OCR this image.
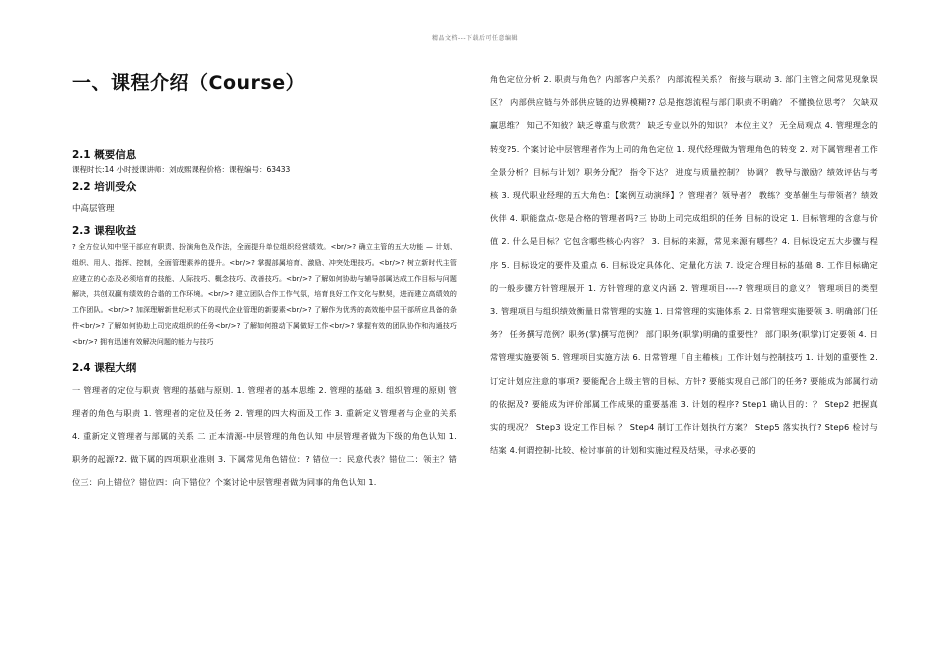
精品文档---下载后可任意编辑
一、课程介绍（Course）
2.1 概要信息

课程时长:14 小时授课讲师：刘成熙课程价格：课程编号：63433

2.2 培训受众

中高层管理

2.3 课程收益

? 全方位认知中坚干部应有职责、扮演角色及作法，全面提升单位组织经营绩效。<br/>? 确立主管的五大功能 — 计划、组织、用人、指挥、控制，全面管理素养的提升。<br/>? 掌握部属培育、激励、冲突处理技巧。<br/>? 树立新时代主管应建立的心态及必须培育的技能、人际技巧、概念技巧、改善技巧。<br/>? 了解如何协助与辅导部属达成工作目标与问题解决，共创双赢有绩效的合谐的工作环境。<br/>? 建立团队合作工作气氛，培育良好工作文化与默契，进而建立高绩效的工作团队。<br/>? 加深理解新世纪形式下的现代企业管理的新要素<br/>? 了解作为优秀的高效能中层干部所应具备的条件<br/>? 了解如何协助上司完成组织的任务<br/>? 了解如何推动下属做好工作<br/>? 掌握有效的团队协作和沟通技巧<br/>? 拥有迅速有效解决问题的能力与技巧

2.4 课程大纲

一 管理者的定位与职责 管理的基础与原则. 1. 管理者的基本思维 2. 管理的基础 3. 组织管理的原则 管理者的角色与职责 1. 管理者的定位及任务 2. 管理的四大构面及工作 3. 重新定义管理者与企业的关系 4. 重新定义管理者与部属的关系 二 正本清源-中层管理的角色认知 中层管理者做为下级的角色认知 1. 职务的起源?2. 做下属的四项职业准则 3. 下属常见角色错位：? 错位一：民意代表？错位二：领主？错位三：向上错位？错位四：向下错位？个案讨论中层管理者做为同事的角色认知 1.

角色定位分析 2. 职责与角色？内部客户关系？ 内部流程关系？ 衔接与联动 3. 部门主管之间常见现象误区？ 内部供应链与外部供应链的边界模糊?? 总是抱怨流程与部门职责不明确？ 不懂换位思考？ 欠缺双赢思维？ 知己不知彼？缺乏尊重与欣赏？ 缺乏专业以外的知识？ 本位主义？ 无全局观点 4. 管理理念的转变?5. 个案讨论中层管理者作为上司的角色定位 1. 现代经理做为管理角色的转变 2. 对下属管理者工作全景分析？目标与计划？职务分配？ 指令下达？ 进度与质量控制？ 协调？ 教导与激励？绩效评估与考核 3. 现代职业经理的五大角色：【案例互动演绎】？管理者？领导者？ 教练？变革催生与带领者？绩效伙伴 4. 职能盘点-您是合格的管理者吗?三 协助上司完成组织的任务 目标的设定 1. 目标管理的含意与价值 2. 什么是目标？它包含哪些核心内容？ 3. 目标的来源，常见来源有哪些？4. 目标设定五大步骤与程序 5. 目标设定的要件及重点 6. 目标设定具体化、定量化方法 7. 设定合理目标的基础 8. 工作目标确定的一般步骤方针管理展开 1. 方针管理的意义内涵 2. 管理项目----? 管理项目的意义？ 管理项目的类型 3. 管理项目与组织绩效衡量日常管理的实施 1. 日常管理的实施体系 2. 日常管理实施要领 3. 明确部门任务？ 任务撰写范例？职务(掌)撰写范例？ 部门职务(职掌)明确的重要性？ 部门职务(职掌)订定要领 4. 日常管理实施要领 5. 管理项目实施方法 6. 日常管理「自主稽核」工作计划与控制技巧 1. 计划的重要性 2. 订定计划应注意的事项? 要能配合上级主管的目标、方针? 要能实现自己部门的任务? 要能成为部属行动的依据及? 要能成为评价部属工作成果的重要基准 3. 计划的程序? Step1 确认目的：？ Step2 把握真实的现况？ Step3 设定工作目标 ？ Step4 制订工作计划执行方案？ Step5 落实执行? Step6 检讨与结案 4.何谓控制-比较、检讨事前的计划和实施过程及结果，寻求必要的
